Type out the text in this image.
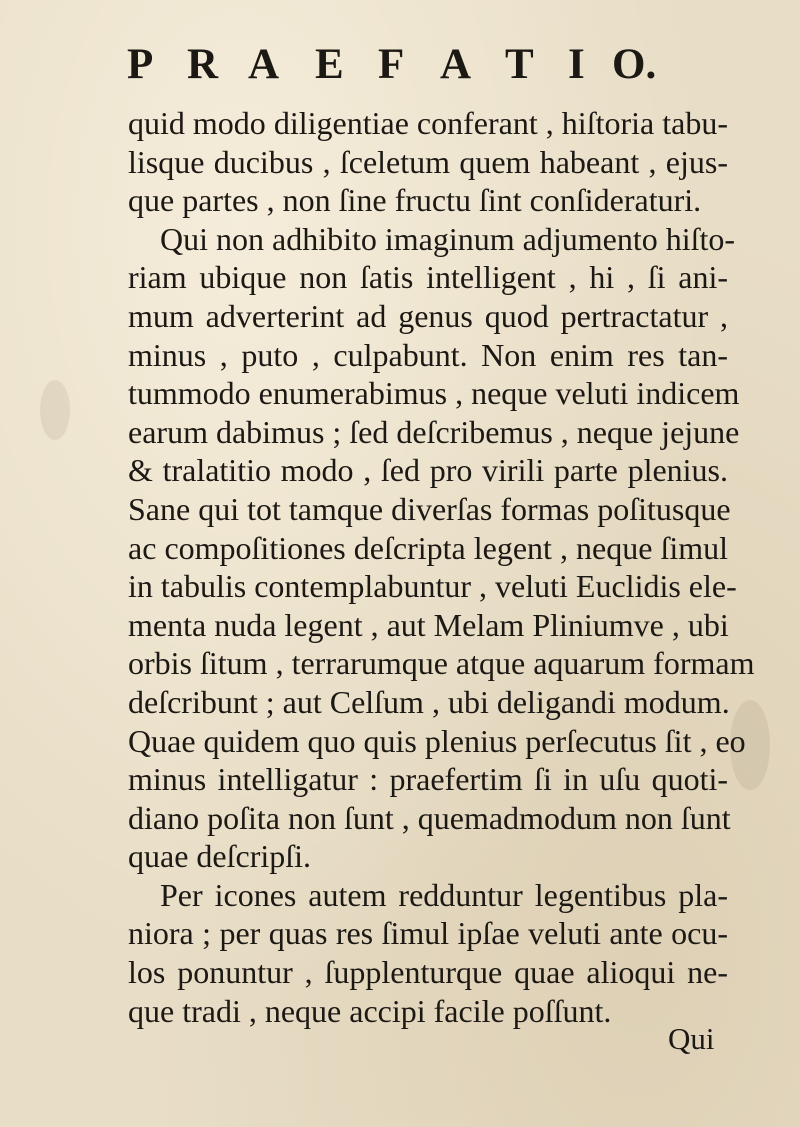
P R A E F A T I O.
quid modo diligentiae conferant , hiſtoria tabu-
lisque ducibus , ſceletum quem habeant , ejus-
que partes , non ſine fructu ſint conſideraturi.
Qui non adhibito imaginum adjumento hiſto-
riam ubique non ſatis intelligent , hi , ſi ani-
mum adverterint ad genus quod pertractatur ,
minus , puto , culpabunt. Non enim res tan-
tummodo enumerabimus , neque veluti indicem
earum dabimus ; ſed deſcribemus , neque jejune
& tralatitio modo , ſed pro virili parte plenius.
Sane qui tot tamque diverſas formas poſitusque
ac compoſitiones deſcripta legent , neque ſimul
in tabulis contemplabuntur , veluti Euclidis ele-
menta nuda legent , aut Melam Pliniumve , ubi
orbis ſitum , terrarumque atque aquarum formam
deſcribunt ; aut Celſum , ubi deligandi modum.
Quae quidem quo quis plenius perſecutus ſit , eo
minus intelligatur : praefertim ſi in uſu quoti-
diano poſita non ſunt , quemadmodum non ſunt
quae deſcripſi.
Per icones autem redduntur legentibus pla-
niora ; per quas res ſimul ipſae veluti ante ocu-
los ponuntur , ſupplenturque quae alioqui ne-
que tradi , neque accipi facile poſſunt.
Qui
